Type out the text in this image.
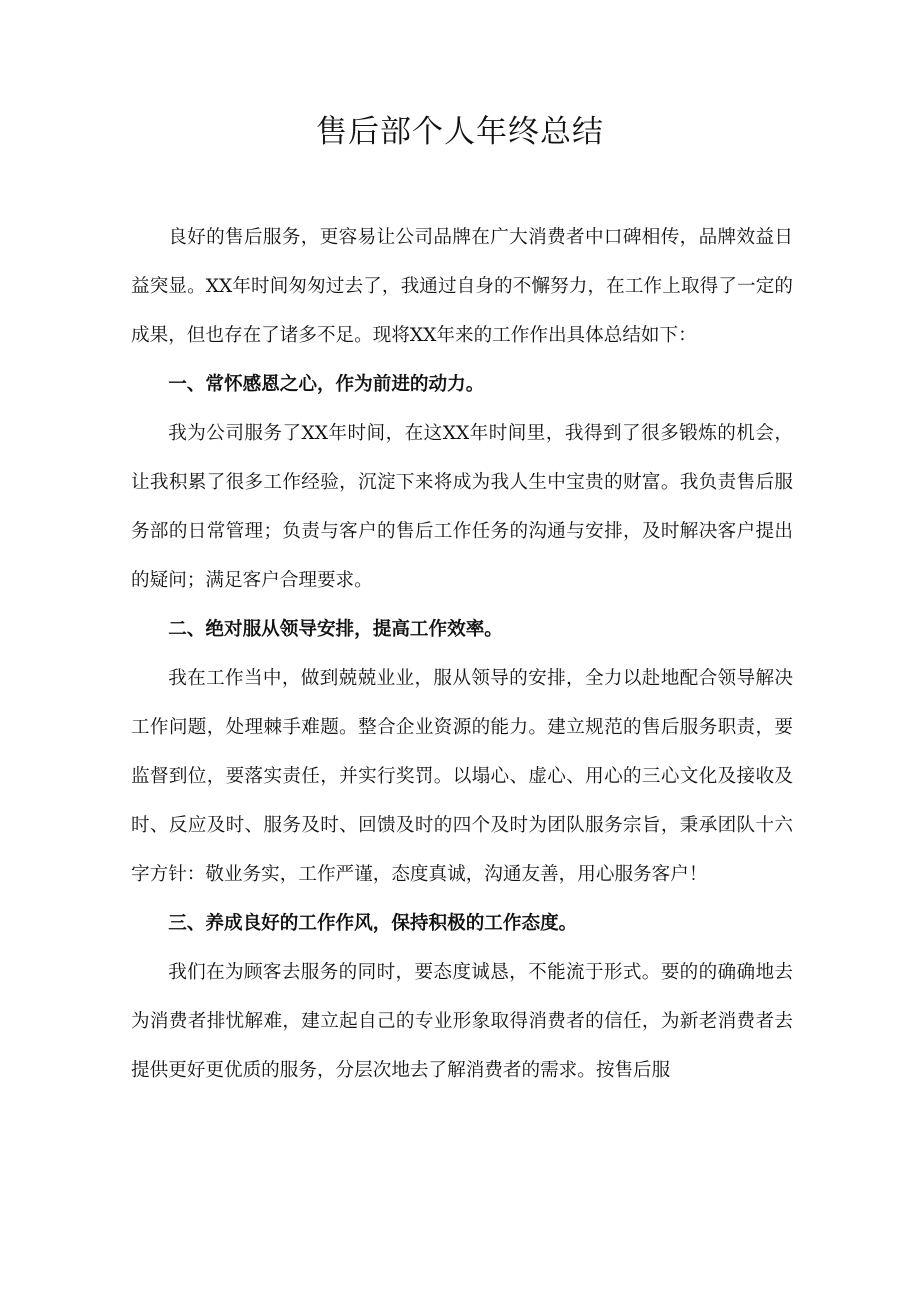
售后部个人年终总结

良好的售后服务，更容易让公司品牌在广大消费者中口碑相传，品牌效益日益突显。XX年时间匆匆过去了，我通过自身的不懈努力，在工作上取得了一定的成果，但也存在了诸多不足。现将XX年来的工作作出具体总结如下：

一、常怀感恩之心，作为前进的动力。

我为公司服务了XX年时间，在这XX年时间里，我得到了很多锻炼的机会，让我积累了很多工作经验，沉淀下来将成为我人生中宝贵的财富。我负责售后服务部的日常管理；负责与客户的售后工作任务的沟通与安排，及时解决客户提出的疑问；满足客户合理要求。

二、绝对服从领导安排，提高工作效率。

我在工作当中，做到兢兢业业，服从领导的安排，全力以赴地配合领导解决工作问题，处理棘手难题。整合企业资源的能力。建立规范的售后服务职责，要监督到位，要落实责任，并实行奖罚。以塌心、虚心、用心的三心文化及接收及时、反应及时、服务及时、回馈及时的四个及时为团队服务宗旨，秉承团队十六字方针：敬业务实，工作严谨，态度真诚，沟通友善，用心服务客户！

三、养成良好的工作作风，保持积极的工作态度。

我们在为顾客去服务的同时，要态度诚恳，不能流于形式。要的的确确地去为消费者排忧解难，建立起自己的专业形象取得消费者的信任，为新老消费者去提供更好更优质的服务，分层次地去了解消费者的需求。按售后服
